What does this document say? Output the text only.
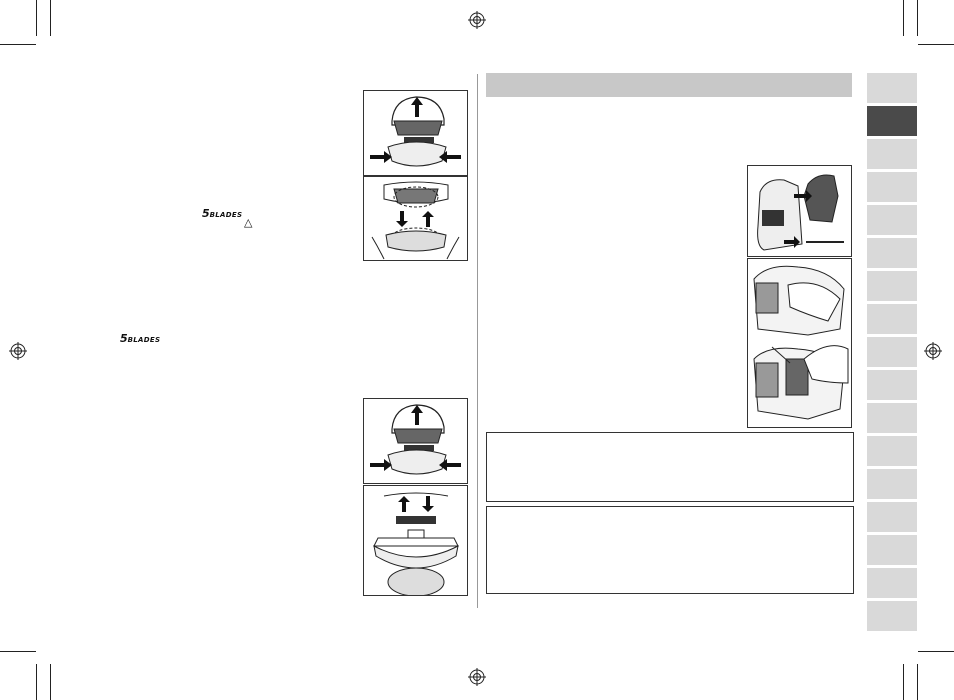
5BLADES
△
5BLADES
